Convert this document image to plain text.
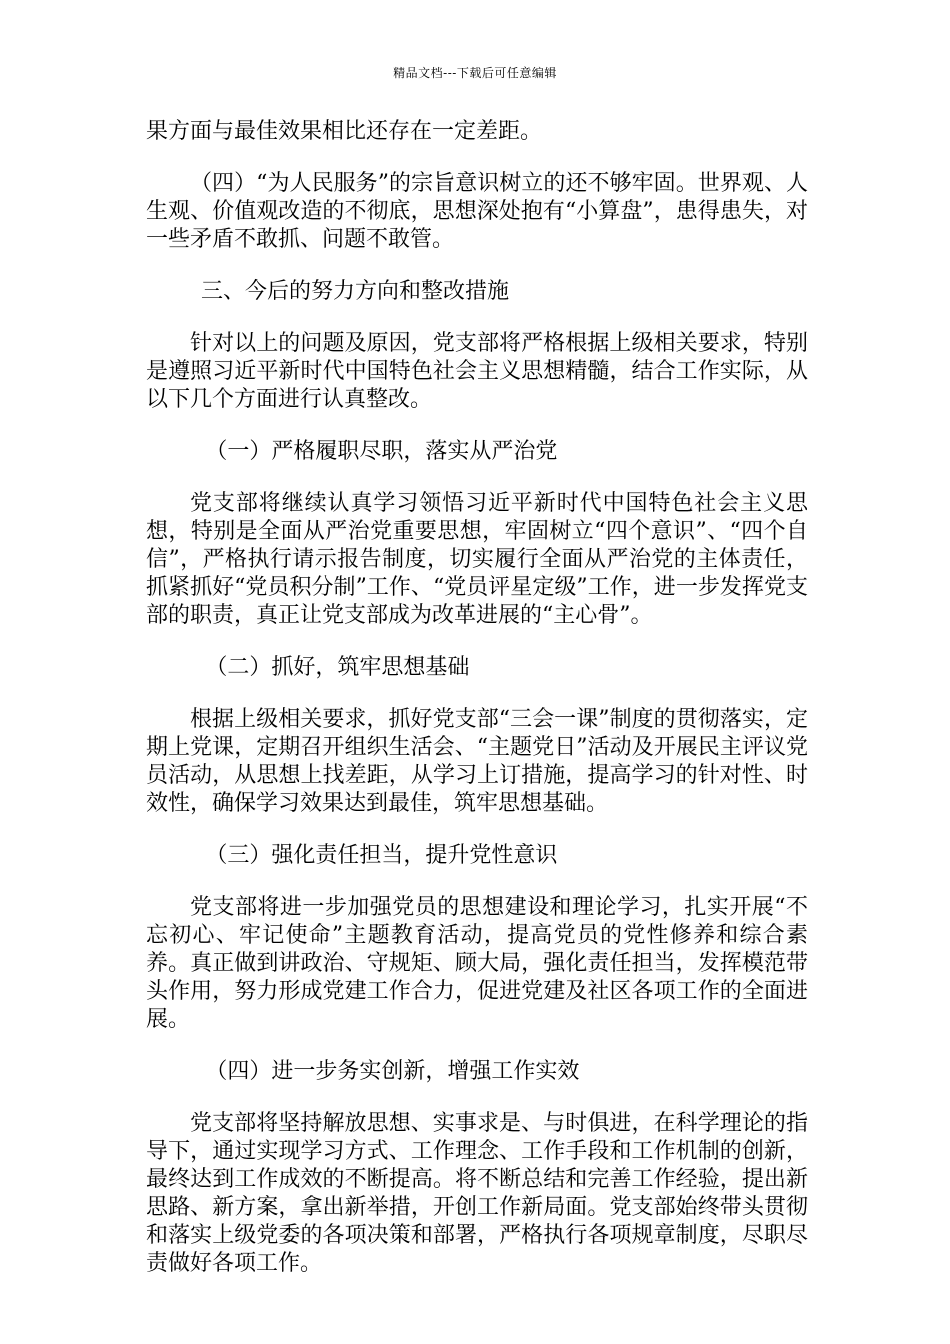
精品文档---下载后可任意编辑

果方面与最佳效果相比还存在一定差距。

（四）“为人民服务”的宗旨意识树立的还不够牢固。世界观、人生观、价值观改造的不彻底，思想深处抱有“小算盘”，患得患失，对一些矛盾不敢抓、问题不敢管。

三、今后的努力方向和整改措施

针对以上的问题及原因，党支部将严格根据上级相关要求，特别是遵照习近平新时代中国特色社会主义思想精髓，结合工作实际，从以下几个方面进行认真整改。

（一）严格履职尽职，落实从严治党

党支部将继续认真学习领悟习近平新时代中国特色社会主义思想，特别是全面从严治党重要思想，牢固树立“四个意识”、“四个自信”，严格执行请示报告制度，切实履行全面从严治党的主体责任，抓紧抓好“党员积分制”工作、“党员评星定级”工作，进一步发挥党支部的职责，真正让党支部成为改革进展的“主心骨”。

（二）抓好，筑牢思想基础

根据上级相关要求，抓好党支部“三会一课”制度的贯彻落实，定期上党课，定期召开组织生活会、“主题党日”活动及开展民主评议党员活动，从思想上找差距，从学习上订措施，提高学习的针对性、时效性，确保学习效果达到最佳，筑牢思想基础。

（三）强化责任担当，提升党性意识

党支部将进一步加强党员的思想建设和理论学习，扎实开展“不忘初心、牢记使命”主题教育活动，提高党员的党性修养和综合素养。真正做到讲政治、守规矩、顾大局，强化责任担当，发挥模范带头作用，努力形成党建工作合力，促进党建及社区各项工作的全面进展。

（四）进一步务实创新，增强工作实效

党支部将坚持解放思想、实事求是、与时俱进，在科学理论的指导下，通过实现学习方式、工作理念、工作手段和工作机制的创新，最终达到工作成效的不断提高。将不断总结和完善工作经验，提出新思路、新方案，拿出新举措，开创工作新局面。党支部始终带头贯彻和落实上级党委的各项决策和部署，严格执行各项规章制度，尽职尽责做好各项工作。
